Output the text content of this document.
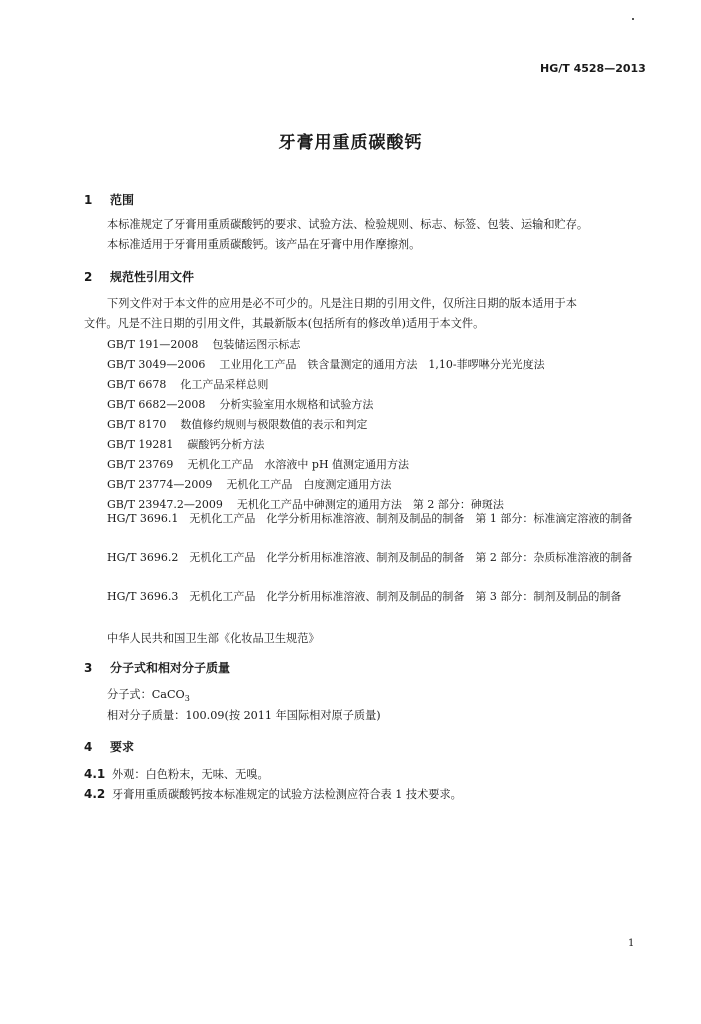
HG/T 4528—2013
牙膏用重质碳酸钙
1 范围
本标准规定了牙膏用重质碳酸钙的要求、试验方法、检验规则、标志、标签、包装、运输和贮存。
本标准适用于牙膏用重质碳酸钙。该产品在牙膏中用作摩擦剂。
2 规范性引用文件
下列文件对于本文件的应用是必不可少的。凡是注日期的引用文件，仅所注日期的版本适用于本
文件。凡是不注日期的引用文件，其最新版本(包括所有的修改单)适用于本文件。
GB/T 191—2008 包装储运图示标志
GB/T 3049—2006 工业用化工产品　铁含量测定的通用方法　1,10-菲啰啉分光光度法
GB/T 6678 化工产品采样总则
GB/T 6682—2008 分析实验室用水规格和试验方法
GB/T 8170 数值修约规则与极限数值的表示和判定
GB/T 19281 碳酸钙分析方法
GB/T 23769 无机化工产品　水溶液中 pH 值测定通用方法
GB/T 23774—2009 无机化工产品　白度测定通用方法
GB/T 23947.2—2009 无机化工产品中砷测定的通用方法　第 2 部分：砷斑法
HG/T 3696.1　无机化工产品　化学分析用标准溶液、制剂及制品的制备　第 1 部分：标准滴定溶液的制备
HG/T 3696.2　无机化工产品　化学分析用标准溶液、制剂及制品的制备　第 2 部分：杂质标准溶液的制备
HG/T 3696.3　无机化工产品　化学分析用标准溶液、制剂及制品的制备　第 3 部分：制剂及制品的制备
中华人民共和国卫生部《化妆品卫生规范》
3 分子式和相对分子质量
分子式：CaCO$_3$
相对分子质量：100.09(按 2011 年国际相对原子质量)
4 要求
4.1 外观：白色粉末，无味、无嗅。
4.2 牙膏用重质碳酸钙按本标准规定的试验方法检测应符合表 1 技术要求。
1
